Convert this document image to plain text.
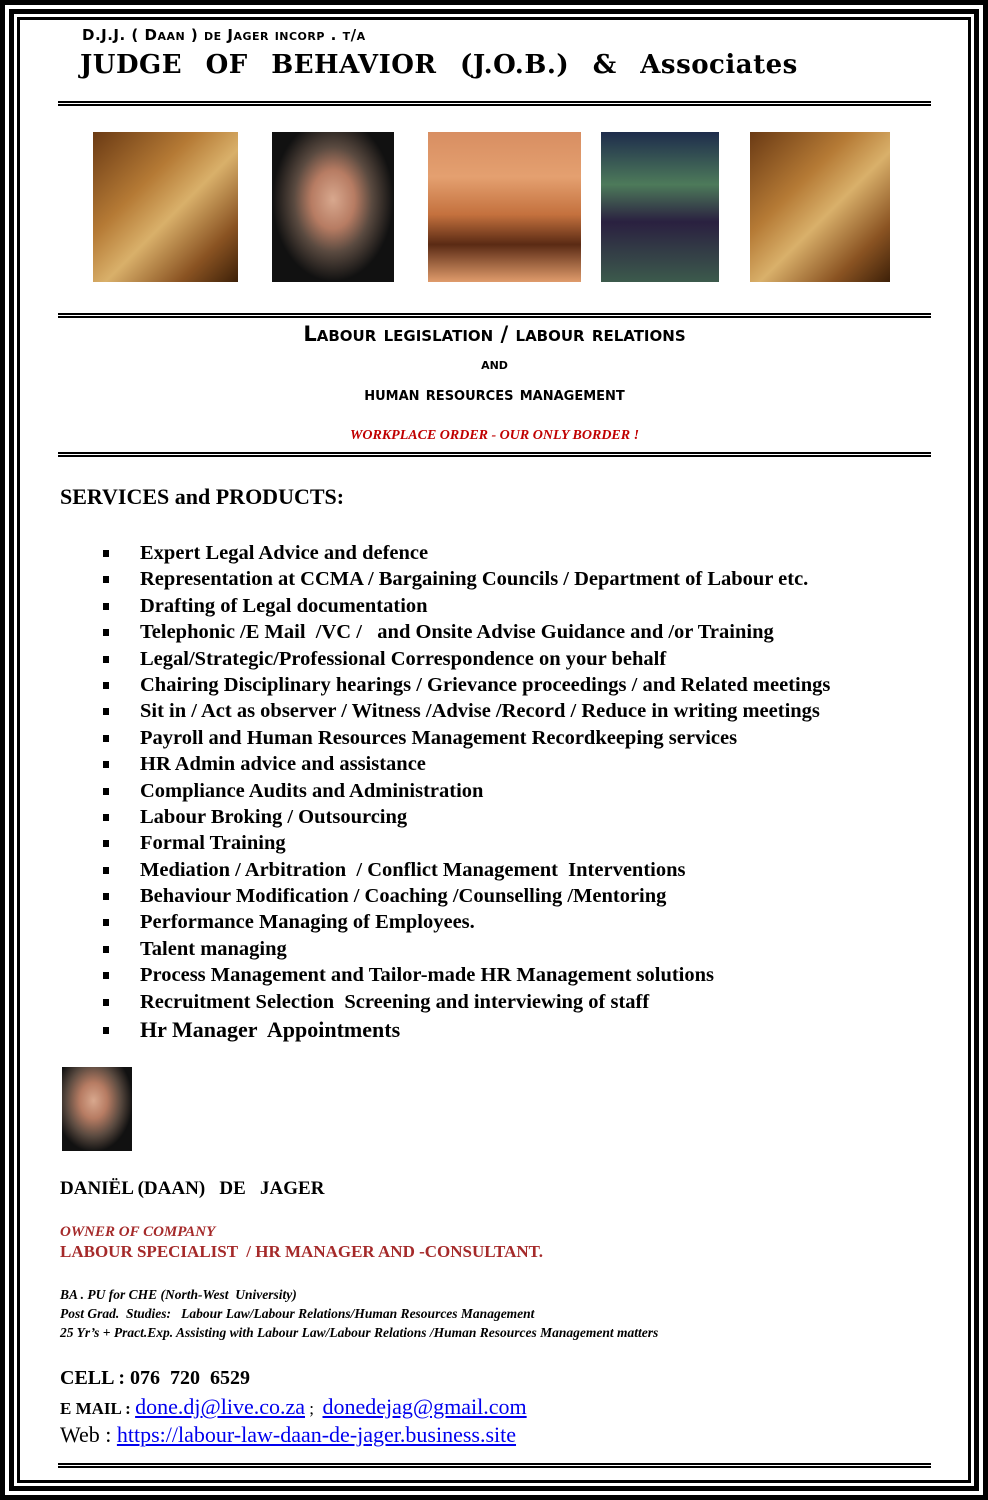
D.J.J. ( Daan ) de Jager incorp . t/a
JUDGE OF BEHAVIOR (J.O.B.) & Associates
Labour legislation / labour relations
and
human resources management
WORKPLACE ORDER - OUR ONLY BORDER !
SERVICES and PRODUCTS:
Expert Legal Advice and defence
Representation at CCMA / Bargaining Councils / Department of Labour etc.
Drafting of Legal documentation
Telephonic /E Mail  /VC /   and Onsite Advise Guidance and /or Training
Legal/Strategic/Professional Correspondence on your behalf
Chairing Disciplinary hearings / Grievance proceedings / and Related meetings
Sit in / Act as observer / Witness /Advise /Record / Reduce in writing meetings
Payroll and Human Resources Management Recordkeeping services
HR Admin advice and assistance
Compliance Audits and Administration
Labour Broking / Outsourcing
Formal Training
Mediation / Arbitration  / Conflict Management  Interventions
Behaviour Modification / Coaching /Counselling /Mentoring
Performance Managing of Employees.
Talent managing
Process Management and Tailor-made HR Management solutions
Recruitment Selection  Screening and interviewing of staff
Hr Manager  Appointments
DANIËL (DAAN)   DE   JAGER
OWNER OF COMPANY
LABOUR SPECIALIST  / HR MANAGER AND -CONSULTANT.
BA . PU for CHE (North-West  University)
Post Grad.  Studies:   Labour Law/Labour Relations/Human Resources Management
25 Yr’s + Pract.Exp. Assisting with Labour Law/Labour Relations /Human Resources Management matters
CELL : 076  720  6529
E MAIL : done.dj@live.co.za ;  donedejag@gmail.com
Web : https://labour-law-daan-de-jager.business.site
